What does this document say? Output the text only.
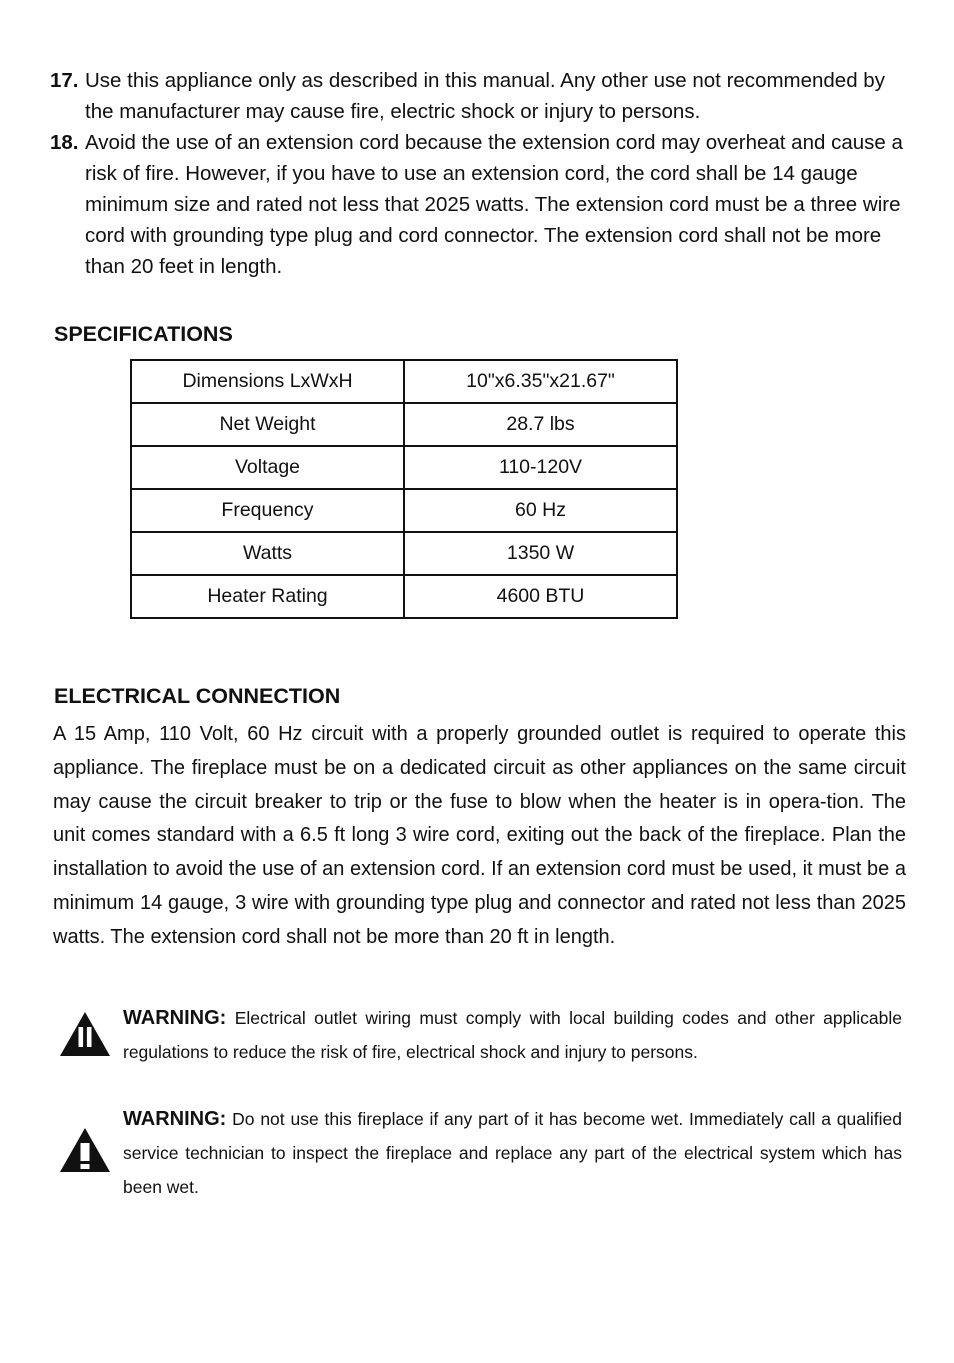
17. Use this appliance only as described in this manual. Any other use not recommended by the manufacturer may cause fire, electric shock or injury to persons.
18. Avoid the use of an extension cord because the extension cord may overheat and cause a risk of fire. However, if you have to use an extension cord, the cord shall be 14 gauge minimum size and rated not less that 2025 watts. The extension cord must be a three wire cord with grounding type plug and cord connector. The extension cord shall not be more than 20 feet in length.
SPECIFICATIONS
Dimensions LxWxH	10"x6.35"x21.67"
Net Weight	28.7 lbs
Voltage	110-120V
Frequency	60 Hz
Watts	1350 W
Heater Rating	4600 BTU
ELECTRICAL CONNECTION
A 15 Amp, 110 Volt, 60 Hz circuit with a properly grounded outlet is required to operate this appliance. The fireplace must be on a dedicated circuit as other appliances on the same circuit may cause the circuit breaker to trip or the fuse to blow when the heater is in opera-tion. The unit comes standard with a 6.5 ft long 3 wire cord, exiting out the back of the fireplace. Plan the installation to avoid the use of an extension cord. If an extension cord must be used, it must be a minimum 14 gauge, 3 wire with grounding type plug and connector and rated not less than 2025 watts. The extension cord shall not be more than 20 ft in length.
WARNING: Electrical outlet wiring must comply with local building codes and other applicable regulations to reduce the risk of fire, electrical shock and injury to persons.
WARNING: Do not use this fireplace if any part of it has become wet. Immediately call a qualified service technician to inspect the fireplace and replace any part of the electrical system which has been wet.
